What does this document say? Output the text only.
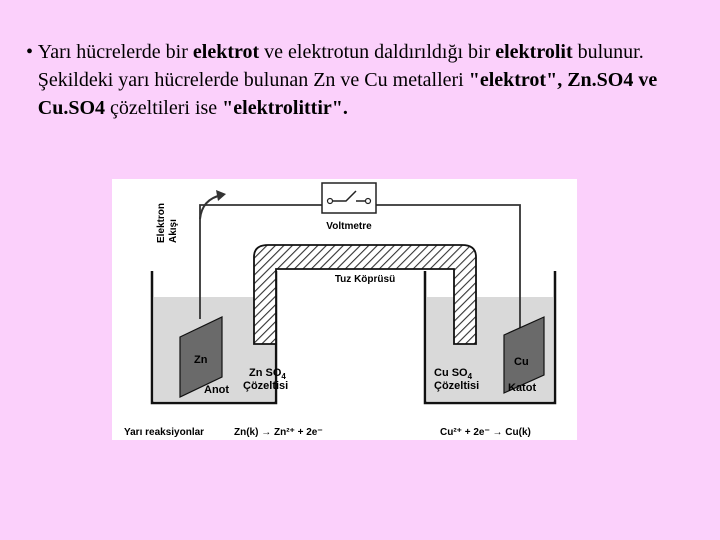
• Yarı hücrelerde bir elektrot ve elektrotun daldırıldığı bir elektrolit bulunur. Şekildeki yarı hücrelerde bulunan Zn ve Cu metalleri "elektrot", Zn.SO4 ve Cu.SO4 çözeltileri ise "elektrolittir".
Voltmetre
Elektron Akışı
Tuz Köprüsü
Zn
Anot
Cu
Katot
Zn $SO_4$
Çözeltisi
Cu $SO_4$
Çözeltisi
Yarı reaksiyonlar	Zn(k) → Zn²⁺ + 2e⁻	Cu²⁺ + 2e⁻ → Cu(k)
